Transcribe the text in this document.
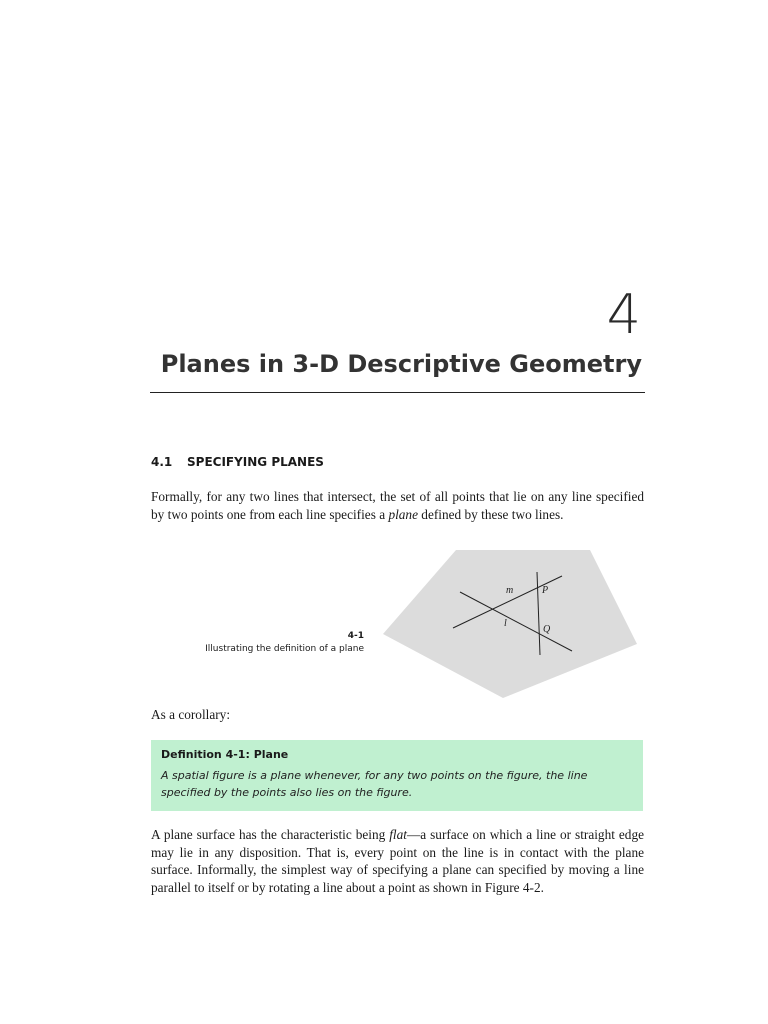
4
Planes in 3-D Descriptive Geometry
4.1 SPECIFYING PLANES

Formally, for any two lines that intersect, the set of all points that lie on any line specified by two points one from each line specifies a plane defined by these two lines.

m
l
P
Q

4-1

Illustrating the definition of a plane

As a corollary:

Definition 4-1: Plane

A spatial figure is a plane whenever, for any two points on the figure, the line specified by the points also lies on the figure.

A plane surface has the characteristic being flat—a surface on which a line or straight edge may lie in any disposition. That is, every point on the line is in contact with the plane surface. Informally, the simplest way of specifying a plane can specified by moving a line parallel to itself or by rotating a line about a point as shown in Figure 4-2.
